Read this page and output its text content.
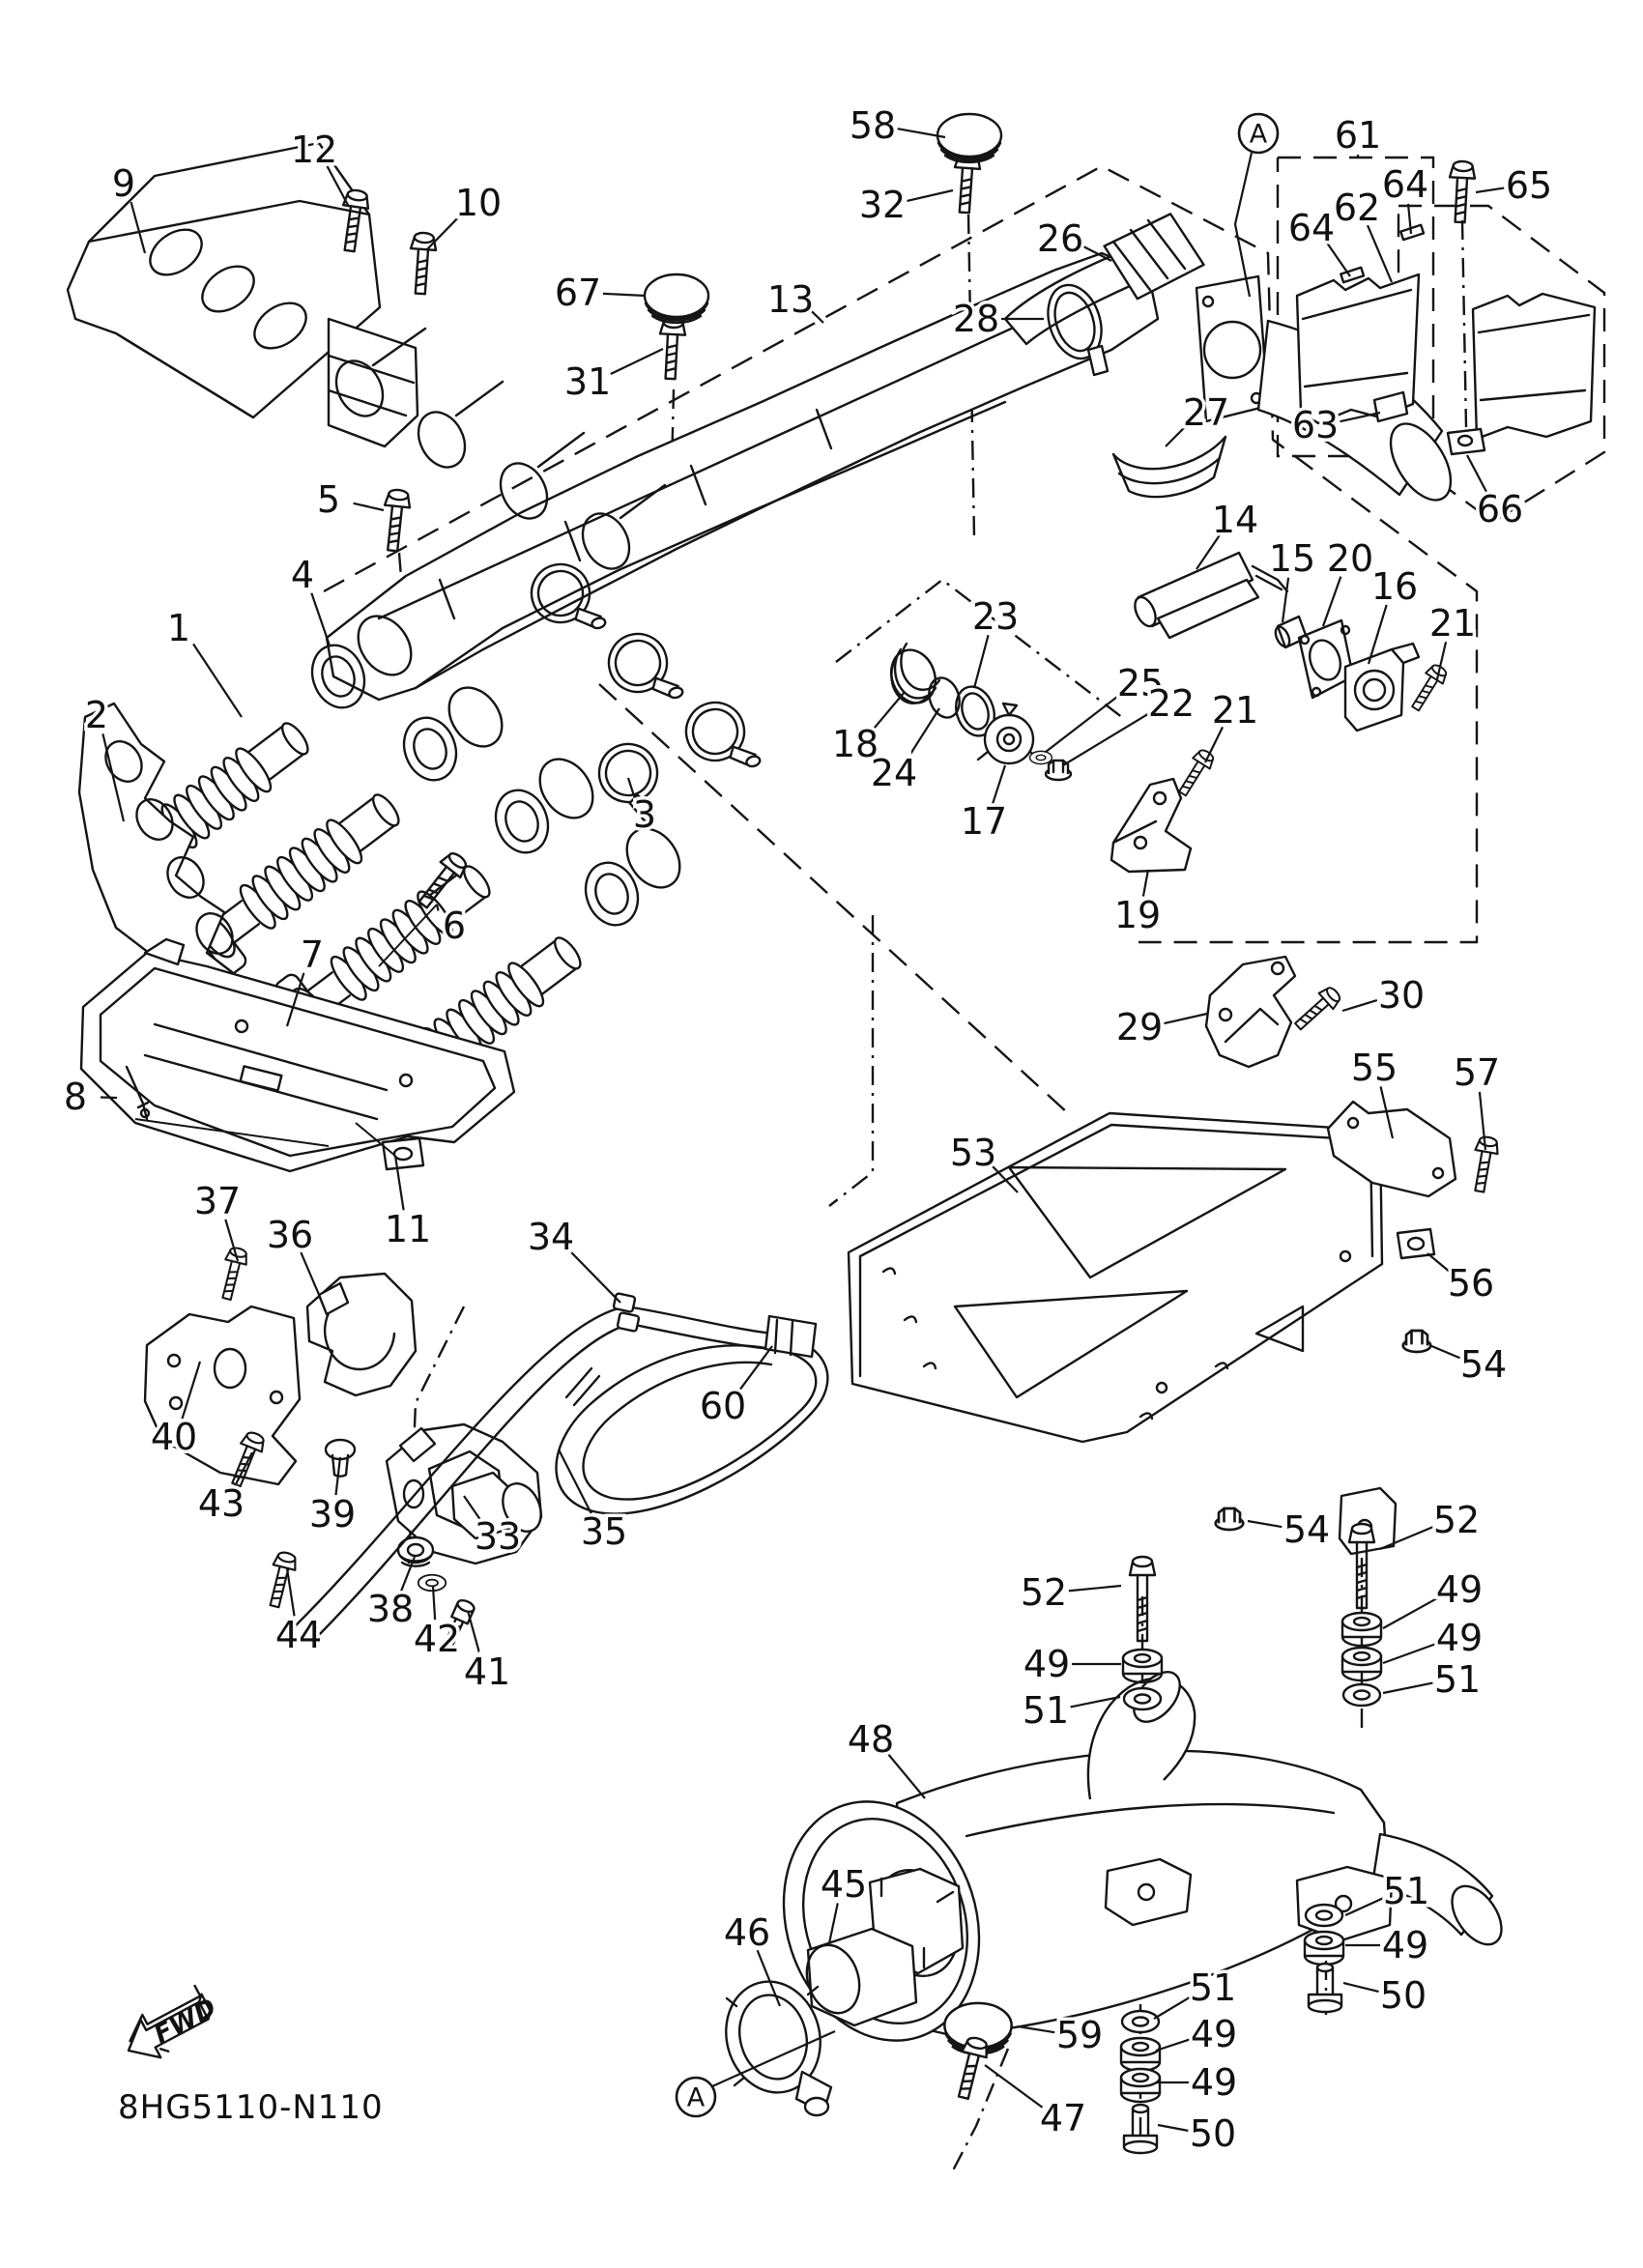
FWD
8HG5110-N110
9
12
10
58
32
67
31
13
26
28
27
61
64
62
64 65
63
66
5
4
1
2
3
6
7
8
11
18
24
23
17
25
22 21
19
14
15 20
16
21
29
30
55 57
56
54
53
37
36
40
43 39
44
38
42
41
33 35
34
60
48
52
49
51
54	52
49
49
51
51
49
50
45
46
59
47
51
49
49
50
A
A
